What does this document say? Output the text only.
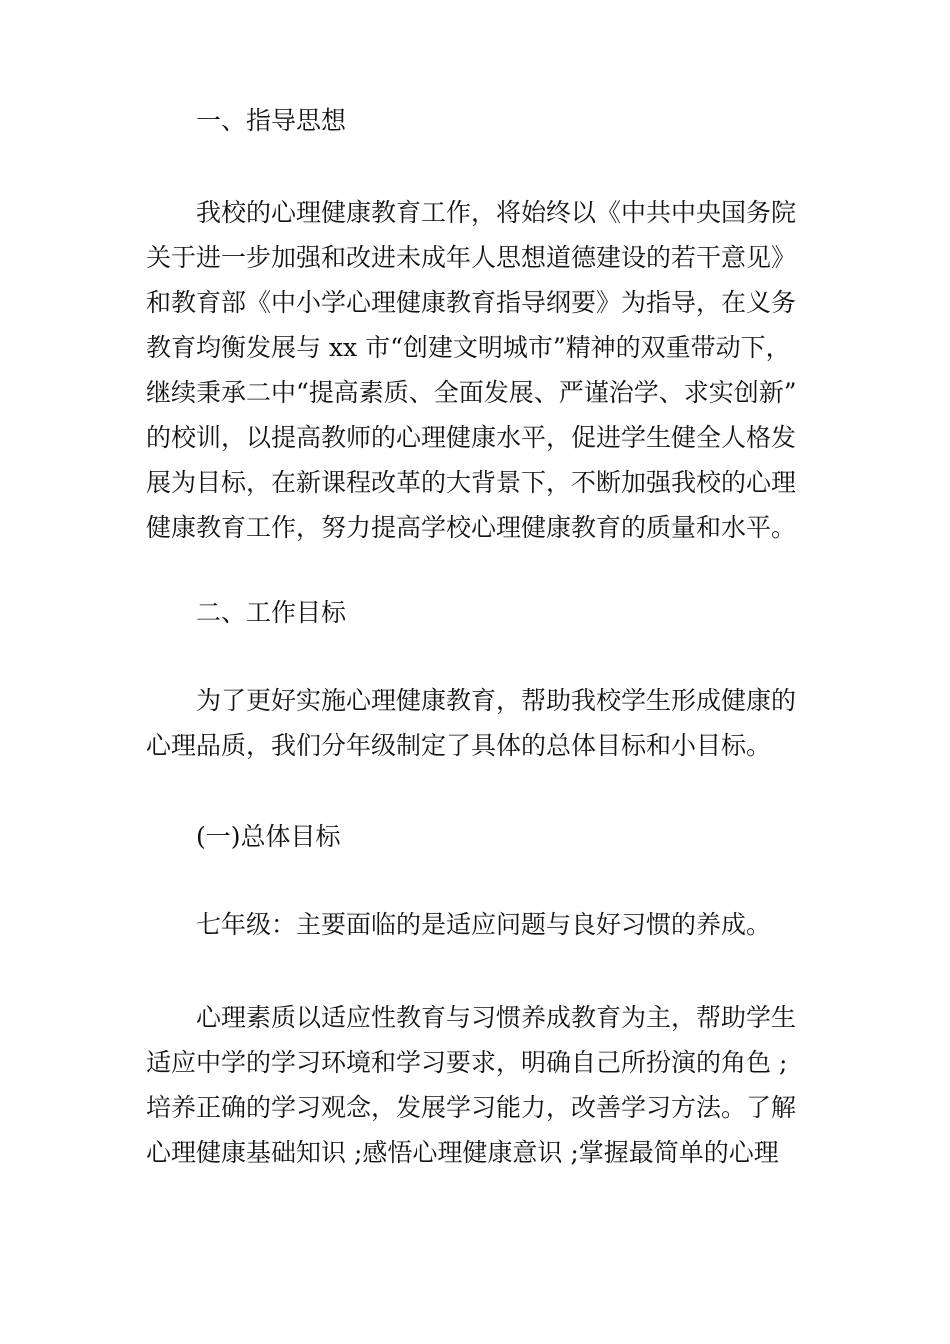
一、指导思想
我校的心理健康教育工作，将始终以《中共中央国务院
关于进一步加强和改进未成年人思想道德建设的若干意见》
和教育部《中小学心理健康教育指导纲要》为指导，在义务
教育均衡发展与 xx 市“创建文明城市”精神的双重带动下，
继续秉承二中“提高素质、全面发展、严谨治学、求实创新”
的校训，以提高教师的心理健康水平，促进学生健全人格发
展为目标，在新课程改革的大背景下，不断加强我校的心理
健康教育工作，努力提高学校心理健康教育的质量和水平。
二、工作目标
为了更好实施心理健康教育，帮助我校学生形成健康的
心理品质，我们分年级制定了具体的总体目标和小目标。
(一)总体目标
七年级：主要面临的是适应问题与良好习惯的养成。
心理素质以适应性教育与习惯养成教育为主，帮助学生
适应中学的学习环境和学习要求，明确自己所扮演的角色 ;
培养正确的学习观念，发展学习能力，改善学习方法。了解
心理健康基础知识 ;感悟心理健康意识 ;掌握最简单的心理
